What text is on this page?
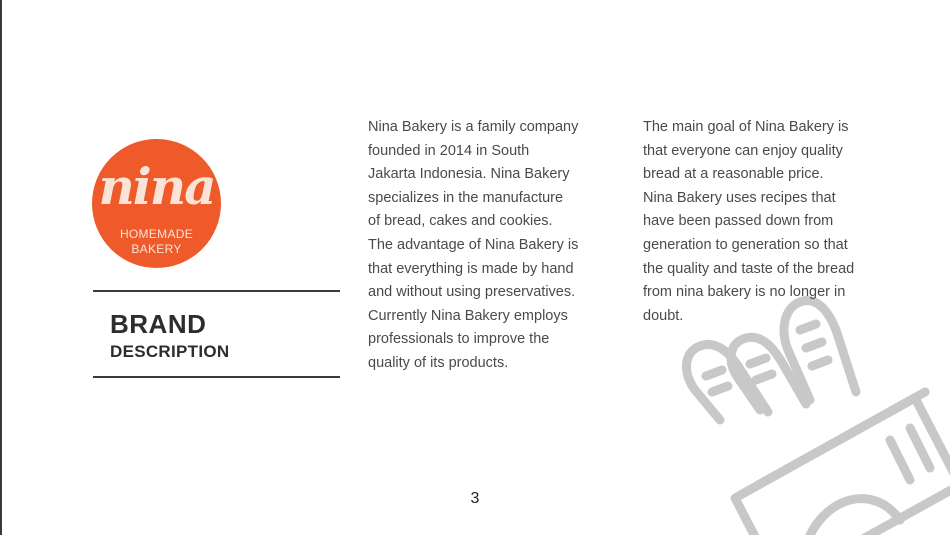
nina
HOMEMADE
BAKERY
BRAND
DESCRIPTION
Nina Bakery is a family company
founded in 2014 in South
Jakarta Indonesia. Nina Bakery
specializes in the manufacture
of bread, cakes and cookies.
The advantage of Nina Bakery is
that everything is made by hand
and without using preservatives.
Currently Nina Bakery employs
professionals to improve the
quality of its products.
The main goal of Nina Bakery is
that everyone can enjoy quality
bread at a reasonable price.
Nina Bakery uses recipes that
have been passed down from
generation to generation so that
the quality and taste of the bread
from nina bakery is no longer in
doubt.
3
